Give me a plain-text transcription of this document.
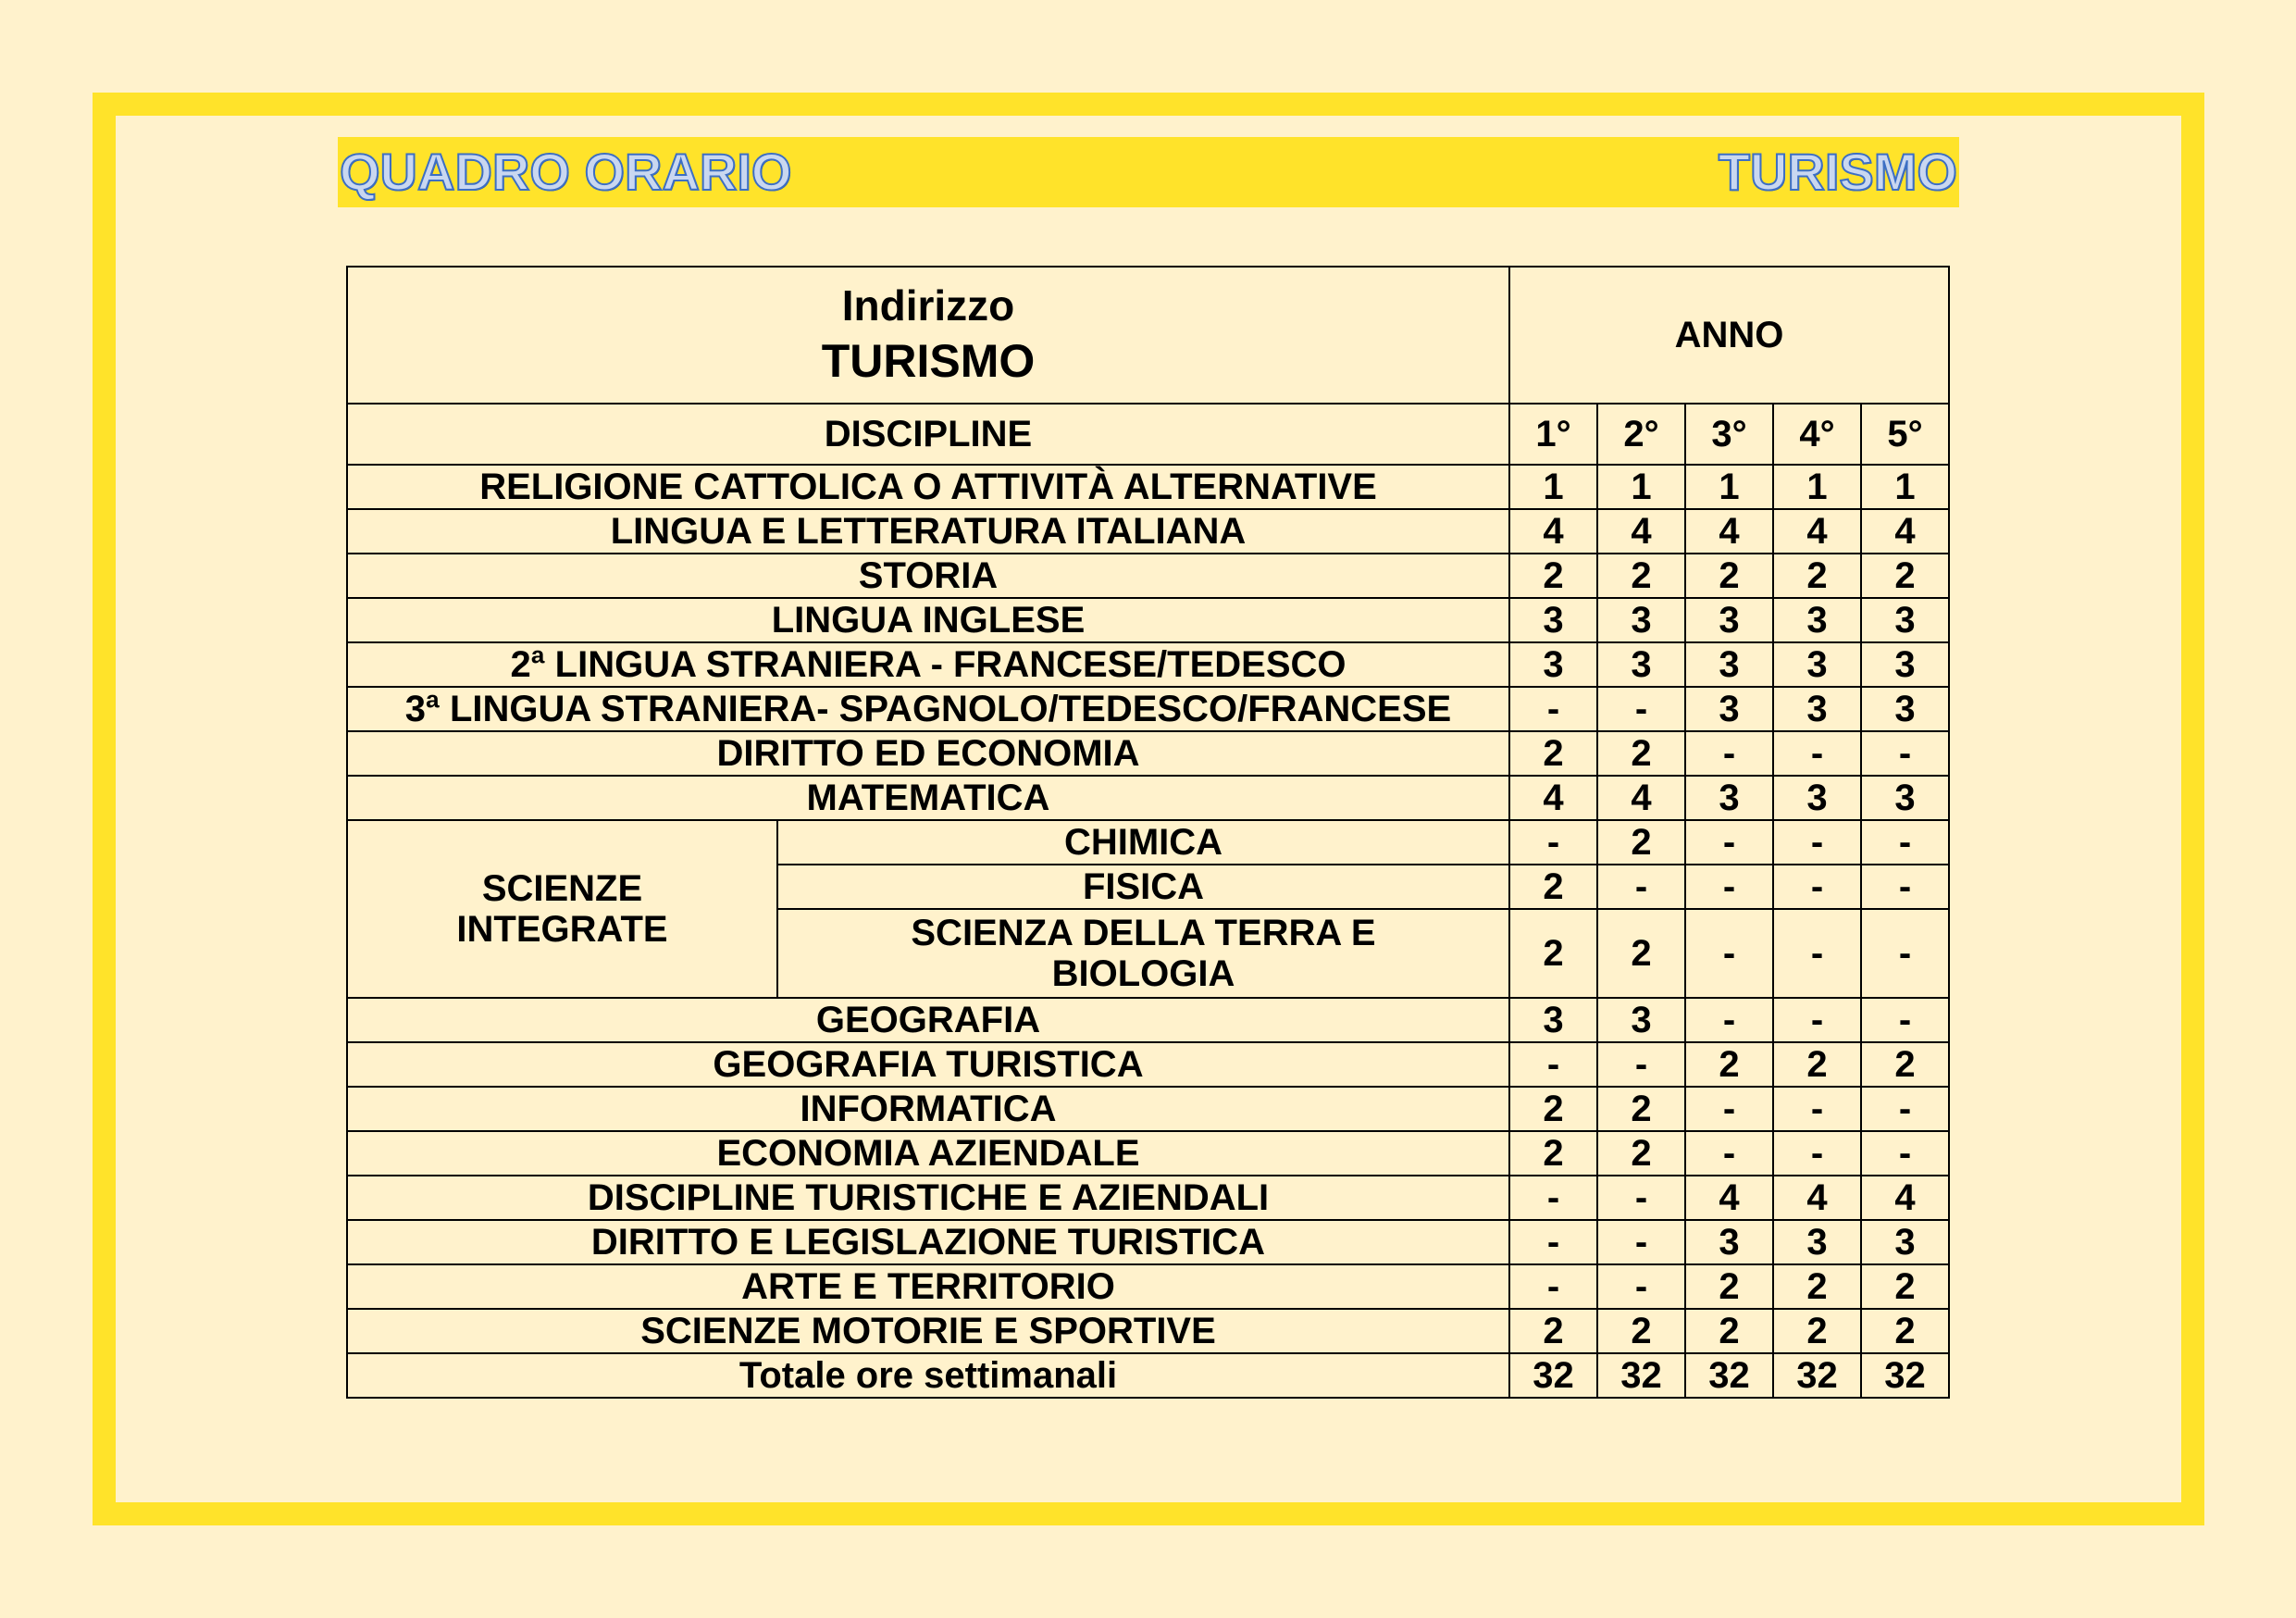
QUADRO ORARIO	TURISMO
Indirizzo
TURISMO		ANNO				
DISCIPLINE		1°	2°	3°	4°	5°
RELIGIONE CATTOLICA O ATTIVITÀ ALTERNATIVE		1	1	1	1	1
LINGUA E LETTERATURA ITALIANA		4	4	4	4	4
STORIA		2	2	2	2	2
LINGUA INGLESE		3	3	3	3	3
2ª LINGUA STRANIERA - FRANCESE/TEDESCO		3	3	3	3	3
3ª LINGUA STRANIERA- SPAGNOLO/TEDESCO/FRANCESE		-	-	3	3	3
DIRITTO ED ECONOMIA		2	2	-	-	-
MATEMATICA		4	4	3	3	3

SCIENZE
INTEGRATE	CHIMICA	-	2	-	-	-
	FISICA	2	-	-	-	-

	SCIENZA DELLA TERRA E
BIOLOGIA	2	2	-	-	-
GEOGRAFIA		3	3	-	-	-
GEOGRAFIA TURISTICA		-	-	2	2	2
INFORMATICA		2	2	-	-	-
ECONOMIA AZIENDALE		2	2	-	-	-
DISCIPLINE TURISTICHE E AZIENDALI		-	-	4	4	4
DIRITTO E LEGISLAZIONE TURISTICA		-	-	3	3	3
ARTE E TERRITORIO		-	-	2	2	2
SCIENZE MOTORIE E SPORTIVE		2	2	2	2	2
Totale ore settimanali		32	32	32	32	32
